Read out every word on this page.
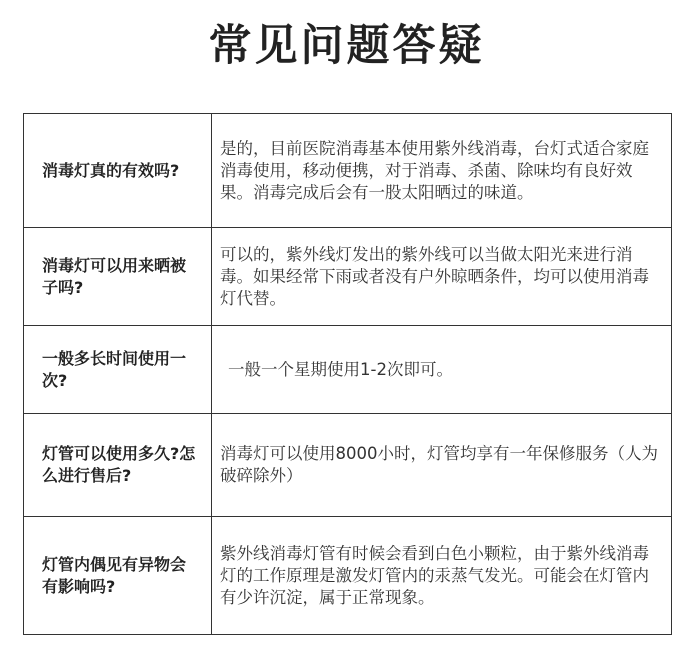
常见问题答疑
消毒灯真的有效吗?	是的，目前医院消毒基本使用紫外线消毒，台灯式适合家庭消毒使用，移动便携，对于消毒、杀菌、除味均有良好效果。消毒完成后会有一股太阳晒过的味道。
消毒灯可以用来晒被子吗?	可以的，紫外线灯发出的紫外线可以当做太阳光来进行消毒。如果经常下雨或者没有户外晾晒条件，均可以使用消毒灯代替。
一般多长时间使用一次?	一般一个星期使用1-2次即可。
灯管可以使用多久?怎么进行售后?	消毒灯可以使用8000小时，灯管均享有一年保修服务（人为破碎除外）
灯管内偶见有异物会有影响吗?	紫外线消毒灯管有时候会看到白色小颗粒，由于紫外线消毒灯的工作原理是激发灯管内的汞蒸气发光。可能会在灯管内有少许沉淀，属于正常现象。
